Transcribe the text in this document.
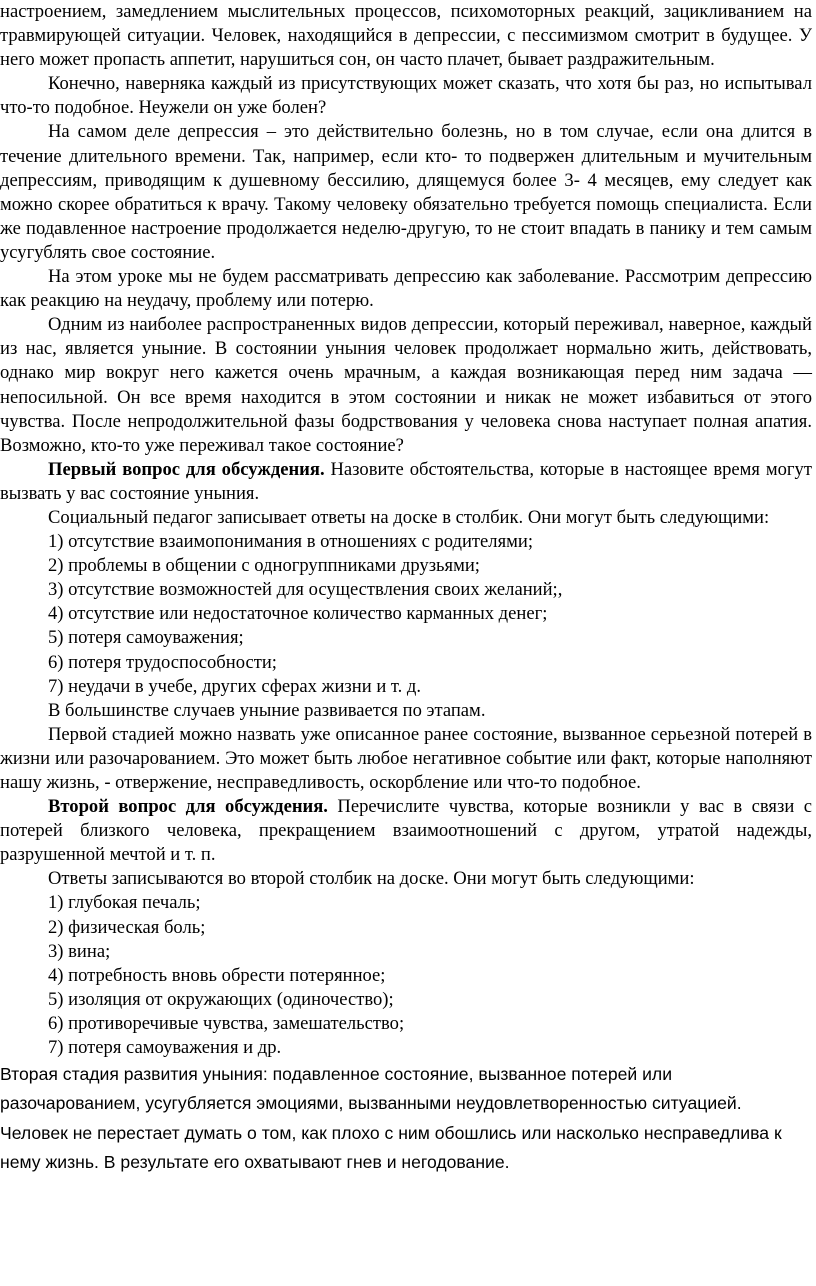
настроением, замедлением мыслительных процессов, психомоторных реакций, зацикливанием на травмирующей ситуации. Человек, находящийся в депрессии, с пессимизмом смотрит в будущее. У него может пропасть аппетит, нарушиться сон, он часто плачет, бывает раздражительным.

Конечно, наверняка каждый из присутствующих может сказать, что хотя бы раз, но испытывал что-то подобное. Неужели он уже болен?

На самом деле депрессия – это действительно болезнь, но в том случае, если она длится в течение длительного времени. Так, например, если кто- то подвержен длительным и мучительным депрессиям, приводящим к душевному бессилию, длящемуся более 3- 4 месяцев, ему следует как можно скорее обратиться к врачу. Такому человеку обязательно требуется помощь специалиста. Если же подавленное настроение продолжается неделю-другую, то не стоит впадать в панику и тем самым усугублять свое состояние.

На этом уроке мы не будем рассматривать депрессию как заболевание. Рассмотрим депрессию как реакцию на неудачу, проблему или потерю.

Одним из наиболее распространенных видов депрессии, который переживал, наверное, каждый из нас, является уныние. В состоянии уныния человек продолжает нормально жить, действовать, однако мир вокруг него кажется очень мрачным, а каждая возникающая перед ним задача — непосильной. Он все время находится в этом состоянии и никак не может избавиться от этого чувства. После непродолжительной фазы бодрствования у человека снова наступает полная апатия. Возможно, кто-то уже переживал такое состояние?

Первый вопрос для обсуждения. Назовите обстоятельства, которые в настоящее время могут вызвать у вас состояние уныния.

Социальный педагог записывает ответы на доске в столбик. Они могут быть следующими:

1) отсутствие взаимопонимания в отношениях с родителями;

2) проблемы в общении с одногруппниками друзьями;

3) отсутствие возможностей для осуществления своих желаний;,

4) отсутствие или недостаточное количество карманных денег;

5) потеря самоуважения;

6) потеря трудоспособности;

7) неудачи в учебе, других сферах жизни и т. д.

В большинстве случаев уныние развивается по этапам.

Первой стадией можно назвать уже описанное ранее состояние, вызванное серьезной потерей в жизни или разочарованием. Это может быть любое негативное событие или факт, которые наполняют нашу жизнь, - отвержение, несправедливость, оскорбление или что-то подобное.

Второй вопрос для обсуждения. Перечислите чувства, которые возникли у вас в связи с потерей близкого человека, прекращением взаимоотношений с другом, утратой надежды, разрушенной мечтой и т. п.

Ответы записываются во второй столбик на доске. Они могут быть следующими:

1) глубокая печаль;

2) физическая боль;

3) вина;

4) потребность вновь обрести потерянное;

5) изоляция от окружающих (одиночество);

6) противоречивые чувства, замешательство;

7) потеря самоуважения и др.

Вторая стадия развития уныния: подавленное состояние, вызванное потерей или разочарованием, усугубляется эмоциями, вызванными неудовлетворенностью ситуацией. Человек не перестает думать о том, как плохо с ним обошлись или насколько несправедлива к нему жизнь. В результате его охватывают гнев и негодование.
